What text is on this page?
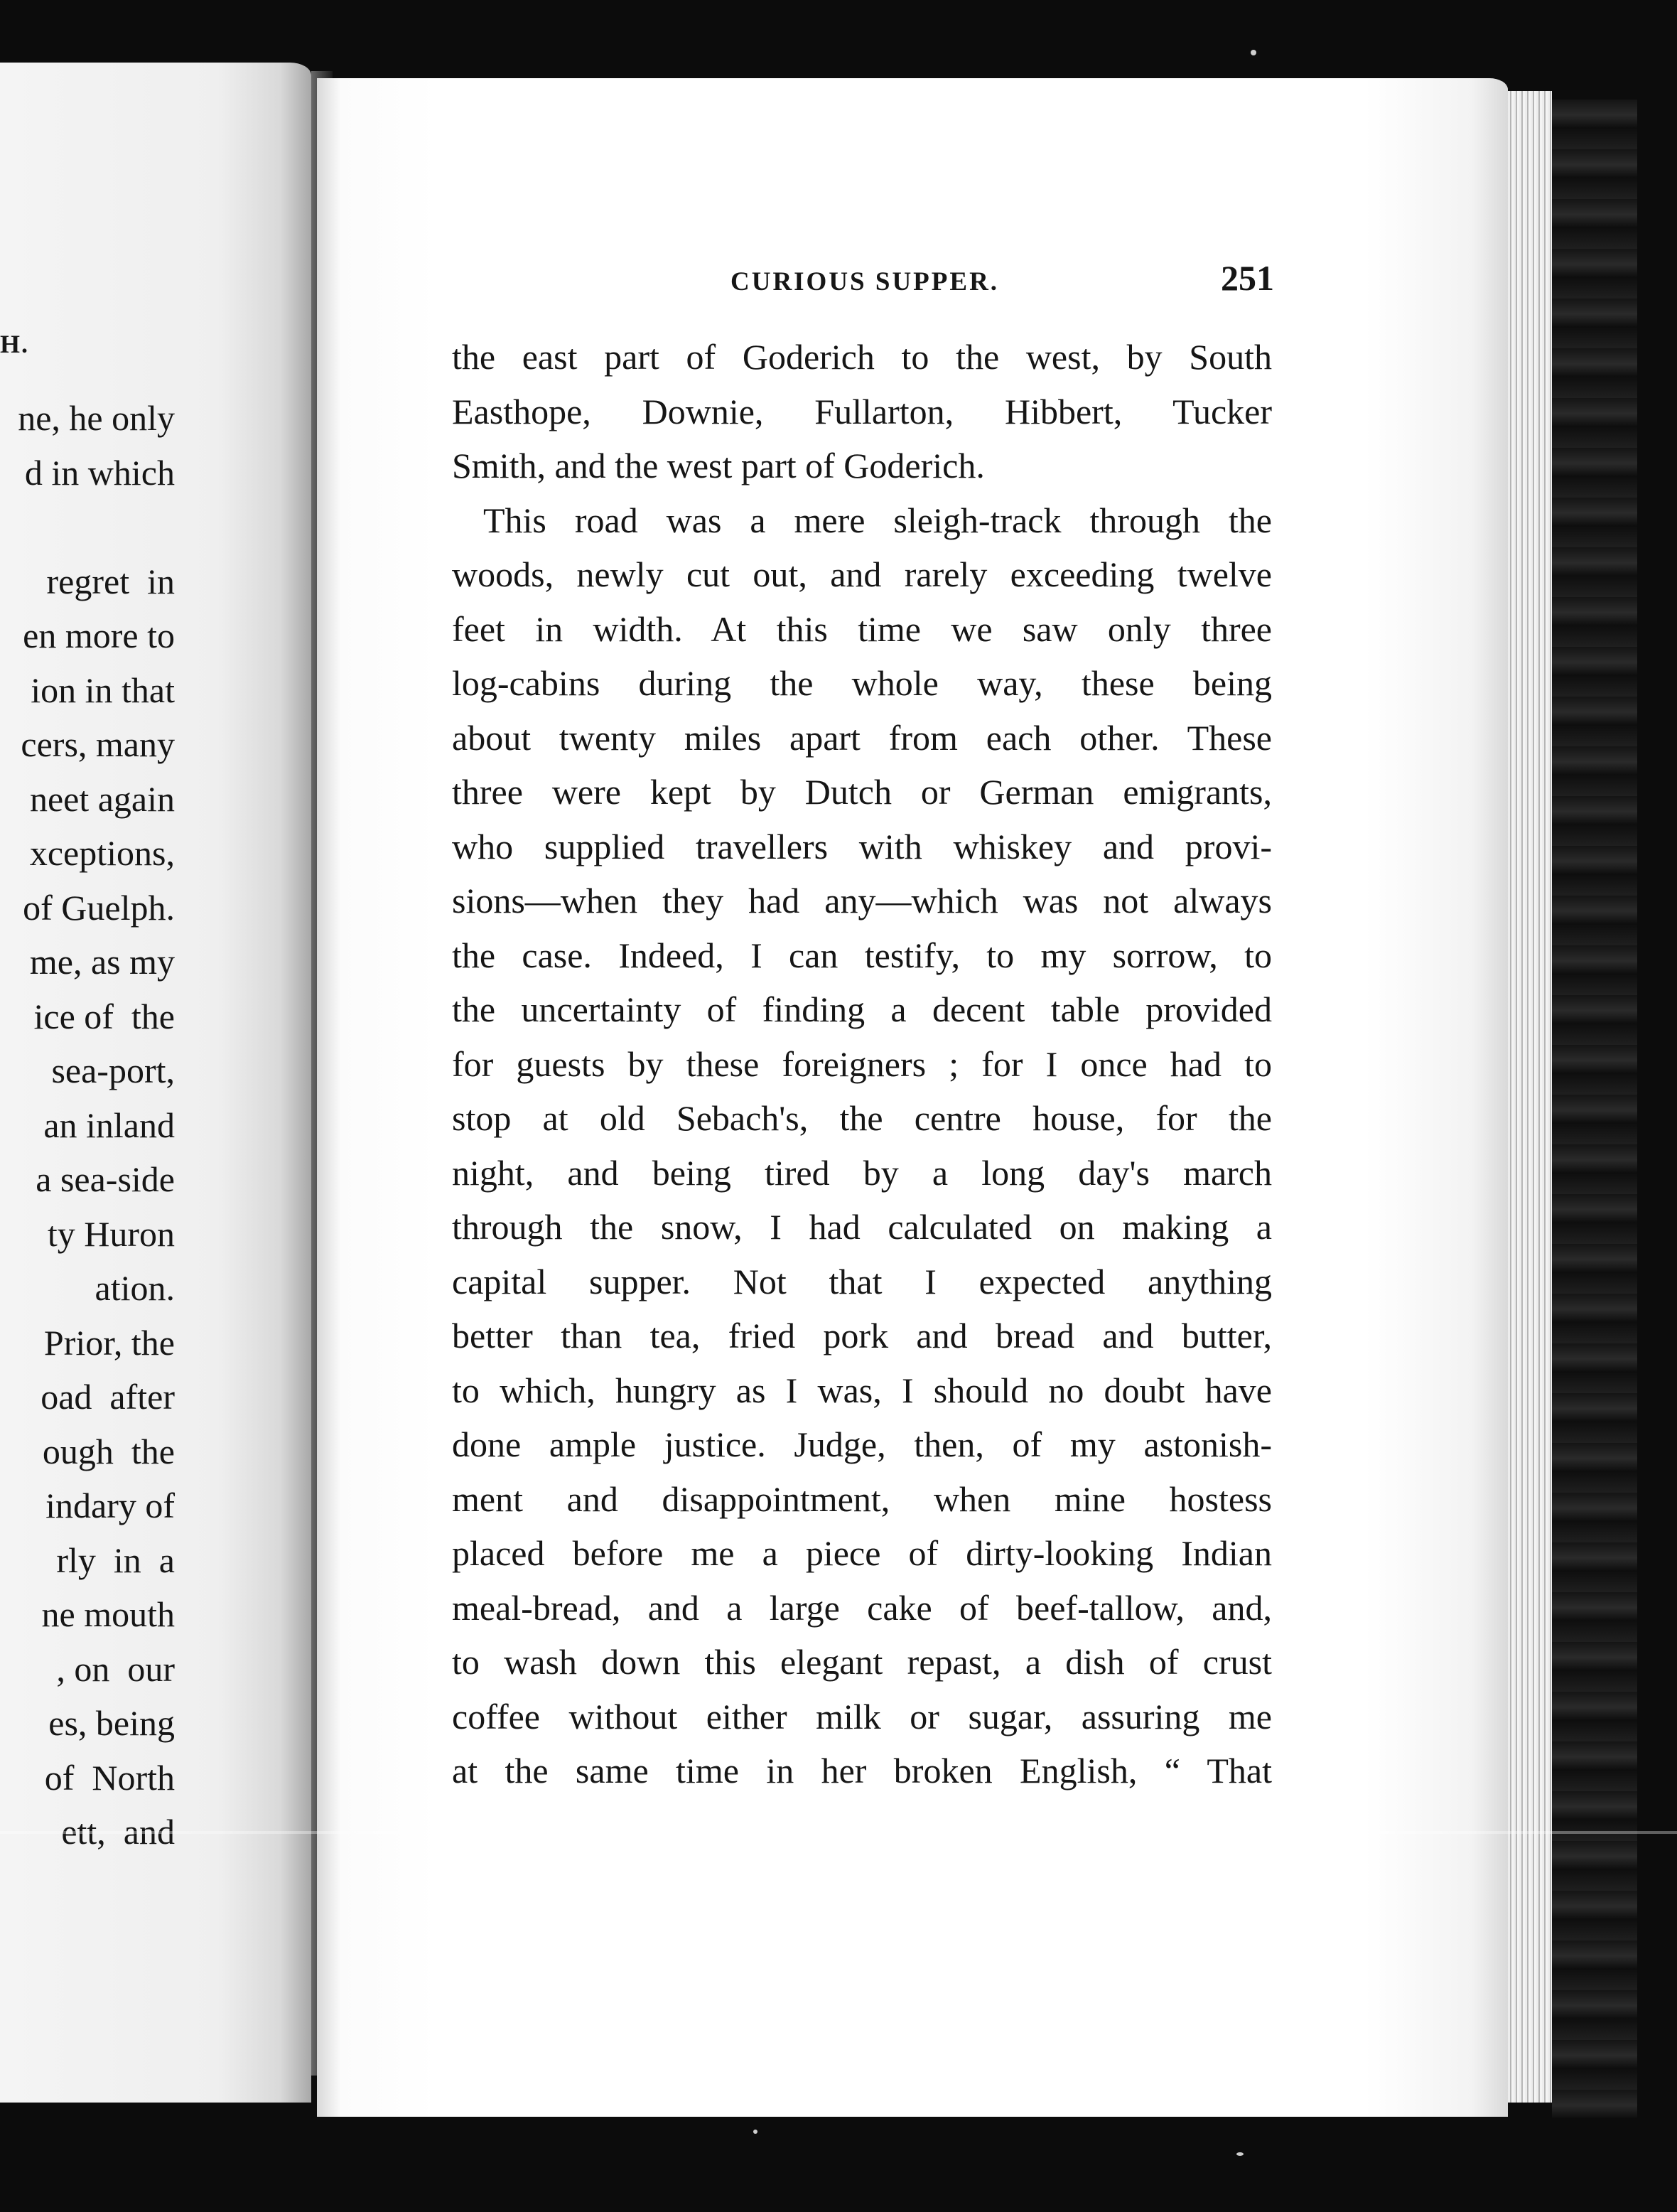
H.
ne, he only
d in which
regret  in
en more to
ion in that
cers, many
neet again
xceptions,
of Guelph.
me, as my
ice of  the
sea-port,
an inland
a sea-side
ty Huron
ation.
Prior, the
oad  after
ough  the
indary of
rly  in  a
ne mouth
, on  our
es, being
of  North
ett,  and
CURIOUS SUPPER.	251
the east part of Goderich to the west, by South
Easthope, Downie, Fullarton, Hibbert, Tucker
Smith, and the west part of Goderich.
This road was a mere sleigh-track through the
woods, newly cut out, and rarely exceeding twelve
feet in width. At this time we saw only three
log-cabins during the whole way, these being
about twenty miles apart from each other. These
three were kept by Dutch or German emigrants,
who supplied travellers with whiskey and provi-
sions—when they had any—which was not always
the case. Indeed, I can testify, to my sorrow, to
the uncertainty of finding a decent table provided
for guests by these foreigners ; for I once had to
stop at old Sebach's, the centre house, for the
night, and being tired by a long day's march
through the snow, I had calculated on making a
capital supper. Not that I expected anything
better than tea, fried pork and bread and butter,
to which, hungry as I was, I should no doubt have
done ample justice. Judge, then, of my astonish-
ment and disappointment, when mine hostess
placed before me a piece of dirty-looking Indian
meal-bread, and a large cake of beef-tallow, and,
to wash down this elegant repast, a dish of crust
coffee without either milk or sugar, assuring me
at the same time in her broken English, “ That
